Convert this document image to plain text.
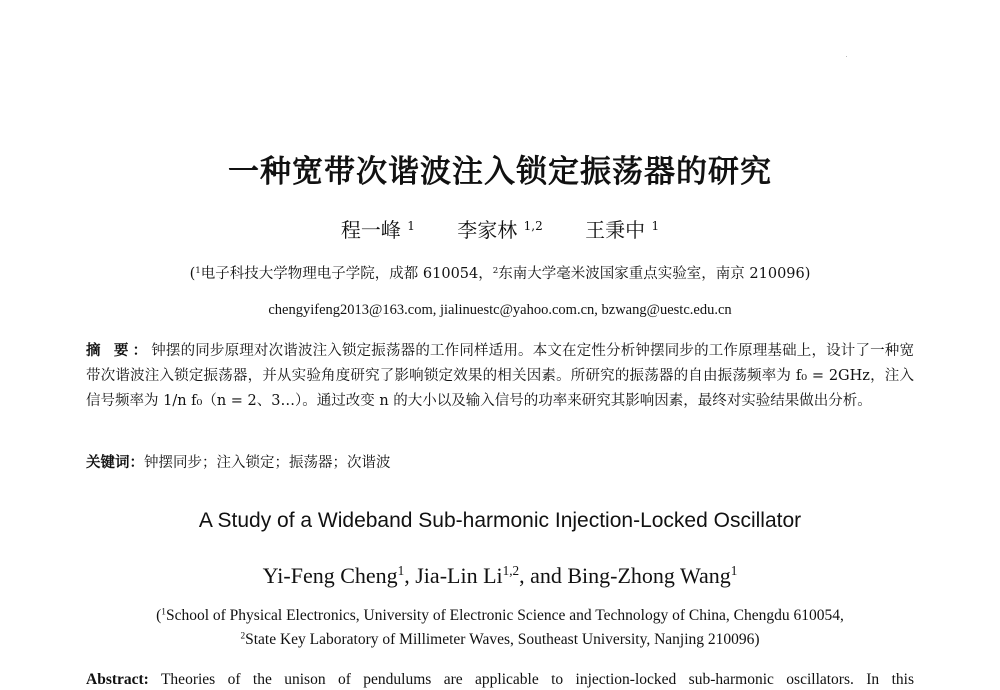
一种宽带次谐波注入锁定振荡器的研究
程一峰 $^1$ 李家林 $^{1,2}$ 王秉中 $^1$
($^1$电子科技大学物理电子学院，成都 610054，$^2$东南大学毫米波国家重点实验室，南京 210096)
chengyifeng2013@163.com, jialinuestc@yahoo.com.cn, bzwang@uestc.edu.cn
摘 要：钟摆的同步原理对次谐波注入锁定振荡器的工作同样适用。本文在定性分析钟摆同步的工作原理基础上，设计了一种宽带次谐波注入锁定振荡器，并从实验角度研究了影响锁定效果的相关因素。所研究的振荡器的自由振荡频率为 f₀ = 2GHz，注入信号频率为 1/n f₀（n = 2、3…）。通过改变 n 的大小以及输入信号的功率来研究其影响因素，最终对实验结果做出分析。
关键词：钟摆同步；注入锁定；振荡器；次谐波
A Study of a Wideband Sub-harmonic Injection-Locked Oscillator
Yi-Feng Cheng$^1$, Jia-Lin Li$^{1,2}$, and Bing-Zhong Wang$^1$
($^1$School of Physical Electronics, University of Electronic Science and Technology of China, Chengdu 610054,
$^2$State Key Laboratory of Millimeter Waves, Southeast University, Nanjing 210096)
Abstract: Theories of the unison of pendulums are applicable to injection-locked sub-harmonic oscillators. In this
